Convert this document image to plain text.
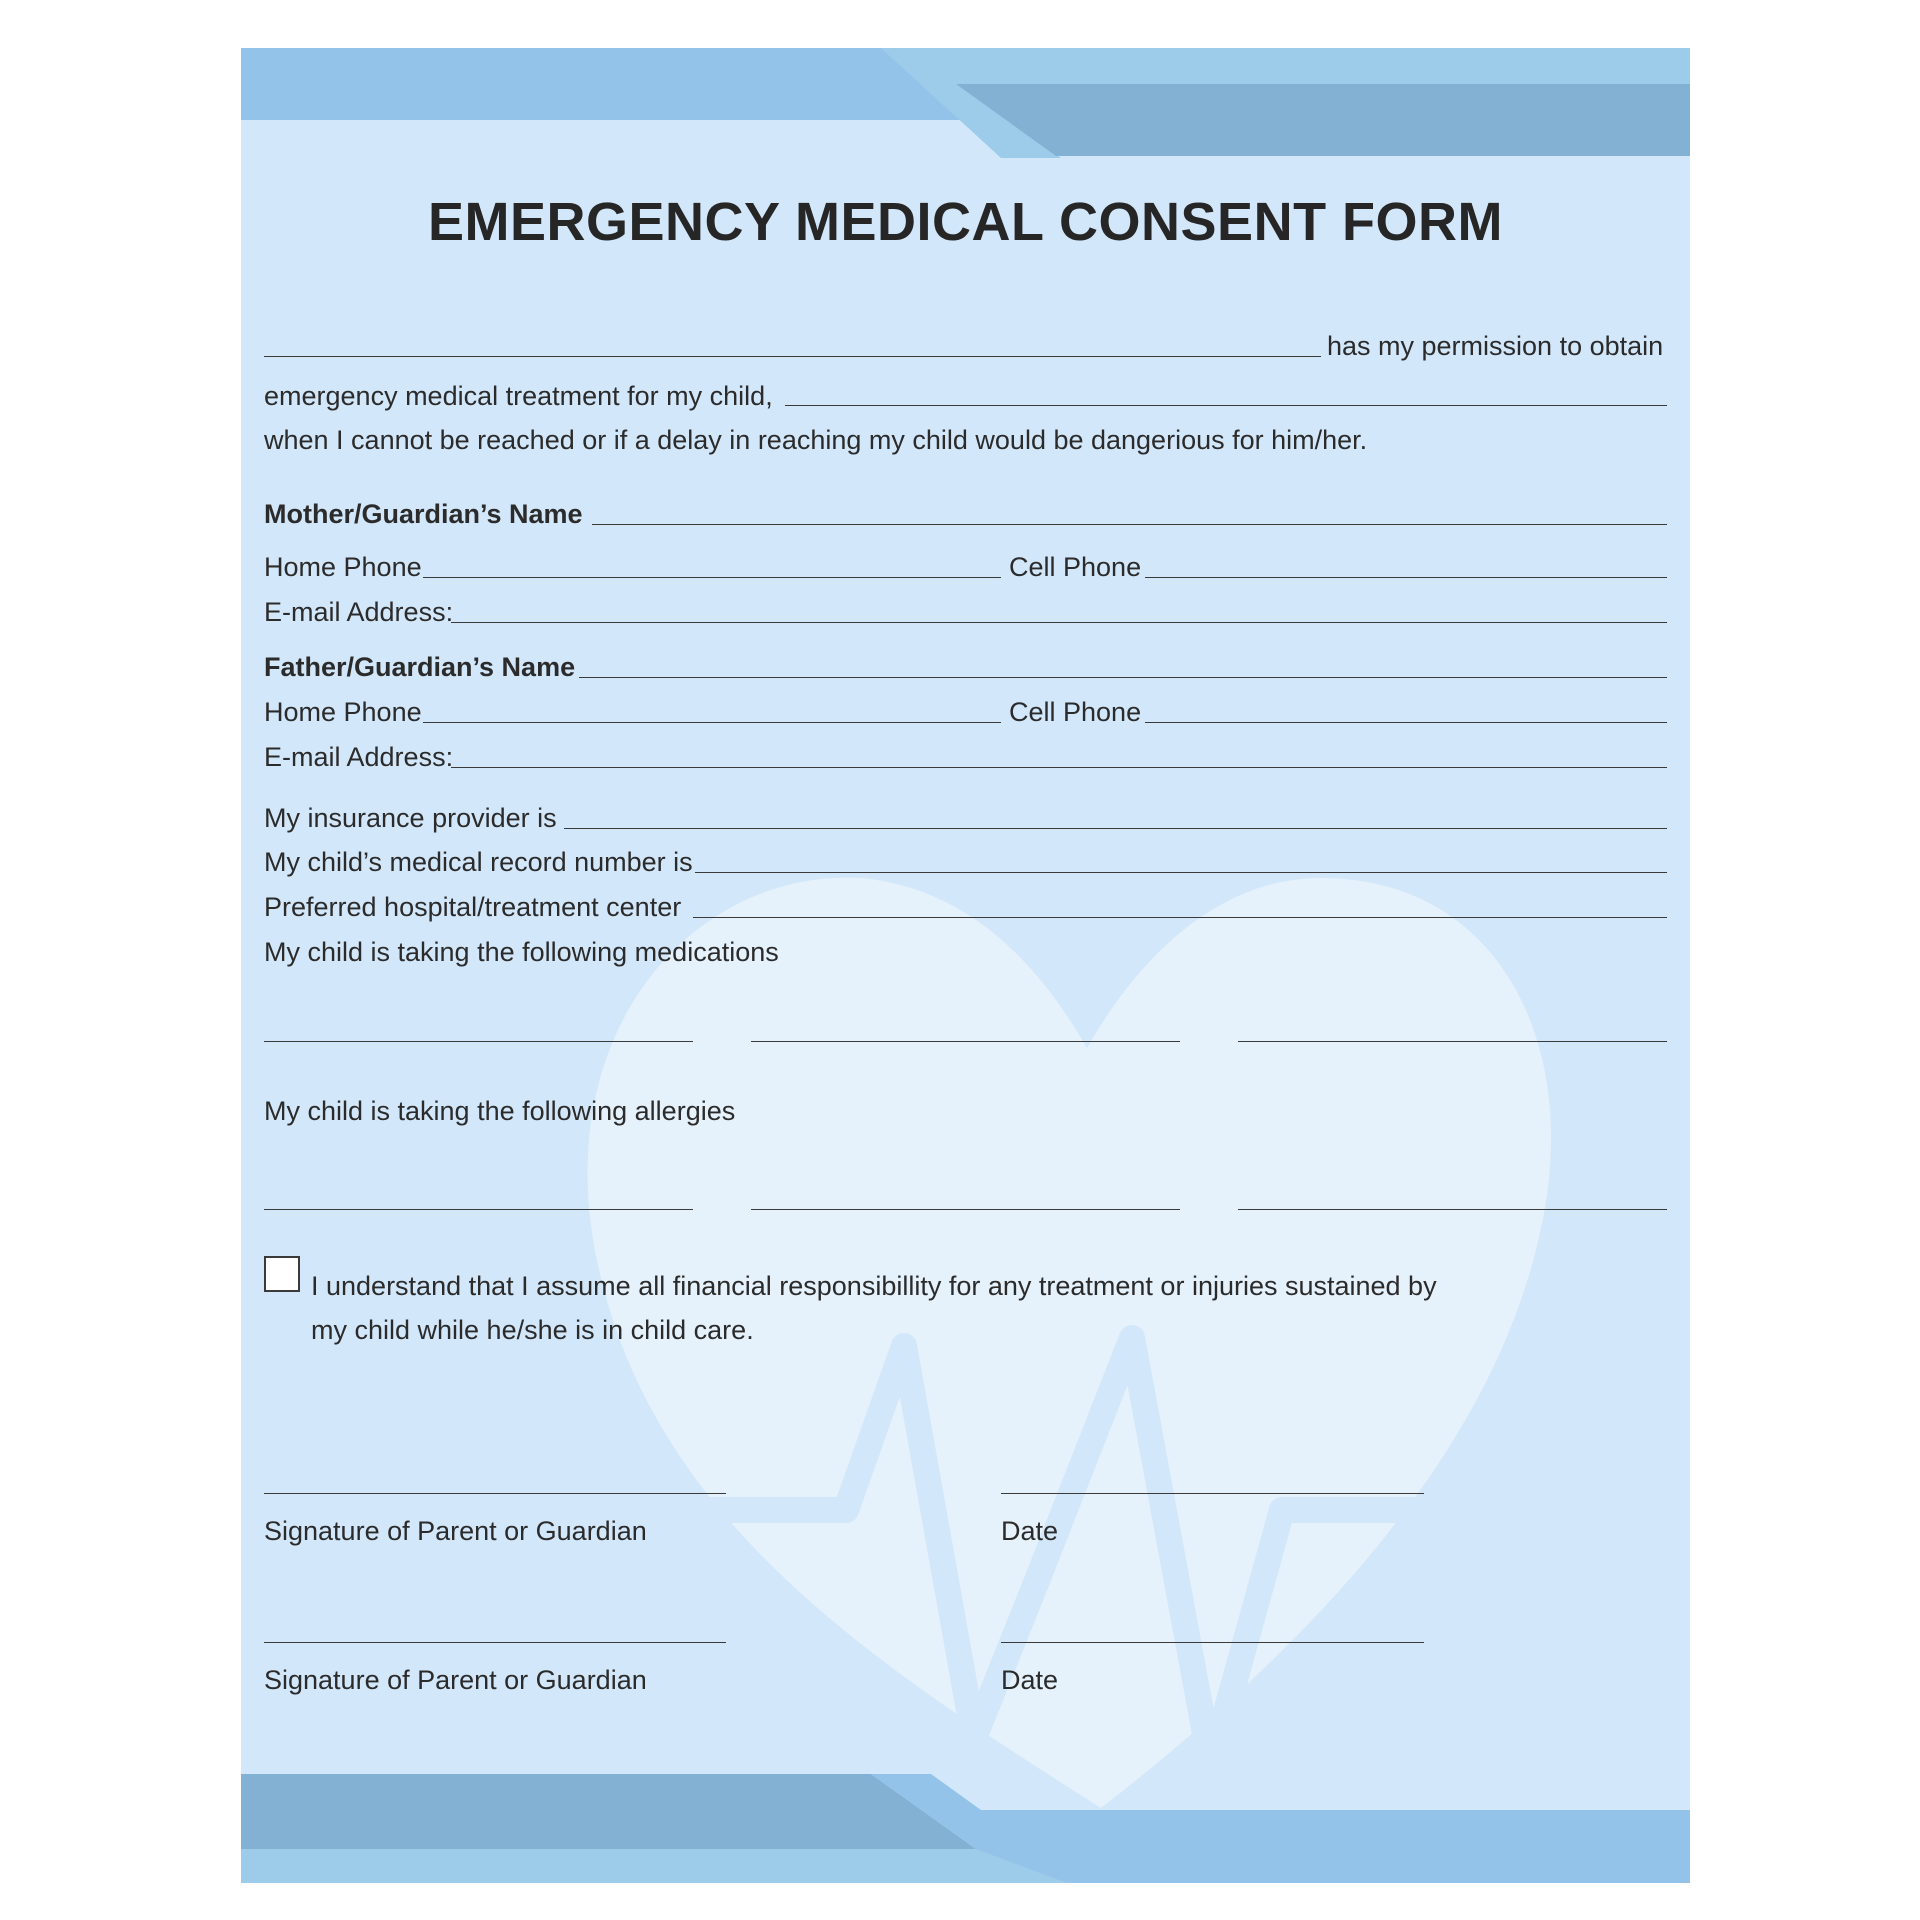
EMERGENCY MEDICAL CONSENT FORM
has my permission to obtain
emergency medical treatment for my child,
when I cannot be reached or if a delay in reaching my child would be dangerious for him/her.
Mother/Guardian’s Name
Home Phone	Cell Phone
E-mail Address:
Father/Guardian’s Name
Home Phone	Cell Phone
E-mail Address:
My insurance provider is
My child’s medical record number is
Preferred hospital/treatment center
My child is taking the following medications
My child is taking the following allergies
I understand that I assume all financial responsibillity for any treatment or injuries sustained by
my child while he/she is in child care.
Signature of Parent or Guardian	Date
Signature of Parent or Guardian	Date
